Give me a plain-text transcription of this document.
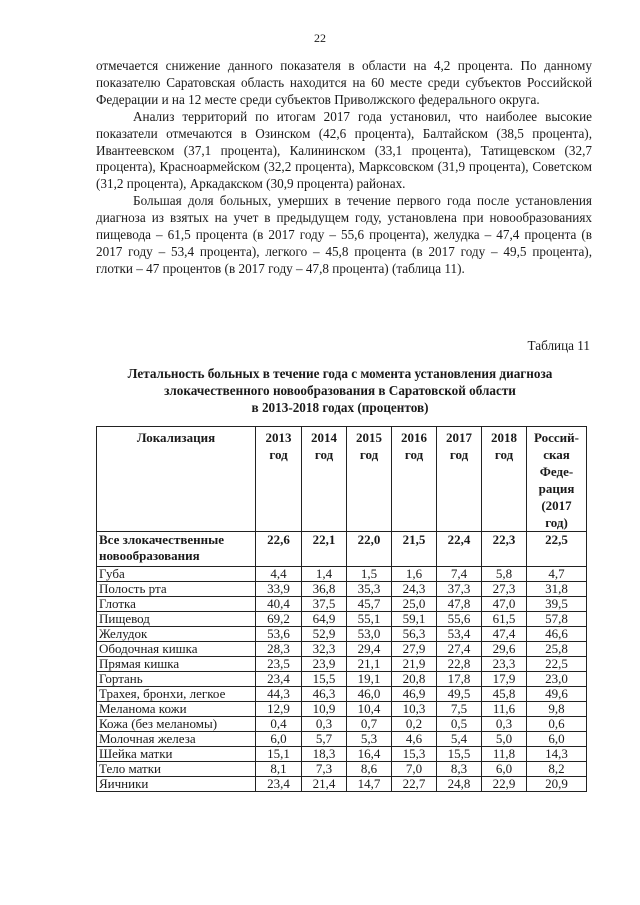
22

отмечается снижение данного показателя в области на 4,2 процента. По данному показателю Саратовская область находится на 60 месте среди субъектов Российской Федерации и на 12 месте среди субъектов Приволжского федерального округа.

Анализ территорий по итогам 2017 года установил, что наиболее высокие показатели отмечаются в Озинском (42,6 процента), Балтайском (38,5 процента), Ивантеевском (37,1 процента), Калининском (33,1 процента), Татищевском (32,7 процента), Красноармейском (32,2 процента), Марксовском (31,9 процента), Советском (31,2 процента), Аркадакском (30,9 процента) районах.

Большая доля больных, умерших в течение первого года после установления диагноза из взятых на учет в предыдущем году, установлена при новообразованиях пищевода – 61,5 процента (в 2017 году – 55,6 процента), желудка – 47,4 процента (в 2017 году – 53,4 процента), легкого – 45,8 процента (в 2017 году – 49,5 процента), глотки – 47 процентов (в 2017 году – 47,8 процента) (таблица 11).

Таблица 11
Летальность больных в течение года с момента установления диагноза
злокачественного новообразования в Саратовской области
в 2013-2018 годах (процентов)
Локализация	2013 год	2014 год	2015 год	2016 год	2017 год	2018 год	Россий-ская Феде-рация (2017 год)
Все злокачественные новообразования	22,6	22,1	22,0	21,5	22,4	22,3	22,5
Губа	4,4	1,4	1,5	1,6	7,4	5,8	4,7
Полость рта	33,9	36,8	35,3	24,3	37,3	27,3	31,8
Глотка	40,4	37,5	45,7	25,0	47,8	47,0	39,5
Пищевод	69,2	64,9	55,1	59,1	55,6	61,5	57,8
Желудок	53,6	52,9	53,0	56,3	53,4	47,4	46,6
Ободочная кишка	28,3	32,3	29,4	27,9	27,4	29,6	25,8
Прямая кишка	23,5	23,9	21,1	21,9	22,8	23,3	22,5
Гортань	23,4	15,5	19,1	20,8	17,8	17,9	23,0
Трахея, бронхи, легкое	44,3	46,3	46,0	46,9	49,5	45,8	49,6
Меланома кожи	12,9	10,9	10,4	10,3	7,5	11,6	9,8
Кожа (без меланомы)	0,4	0,3	0,7	0,2	0,5	0,3	0,6
Молочная железа	6,0	5,7	5,3	4,6	5,4	5,0	6,0
Шейка матки	15,1	18,3	16,4	15,3	15,5	11,8	14,3
Тело матки	8,1	7,3	8,6	7,0	8,3	6,0	8,2
Яичники	23,4	21,4	14,7	22,7	24,8	22,9	20,9
